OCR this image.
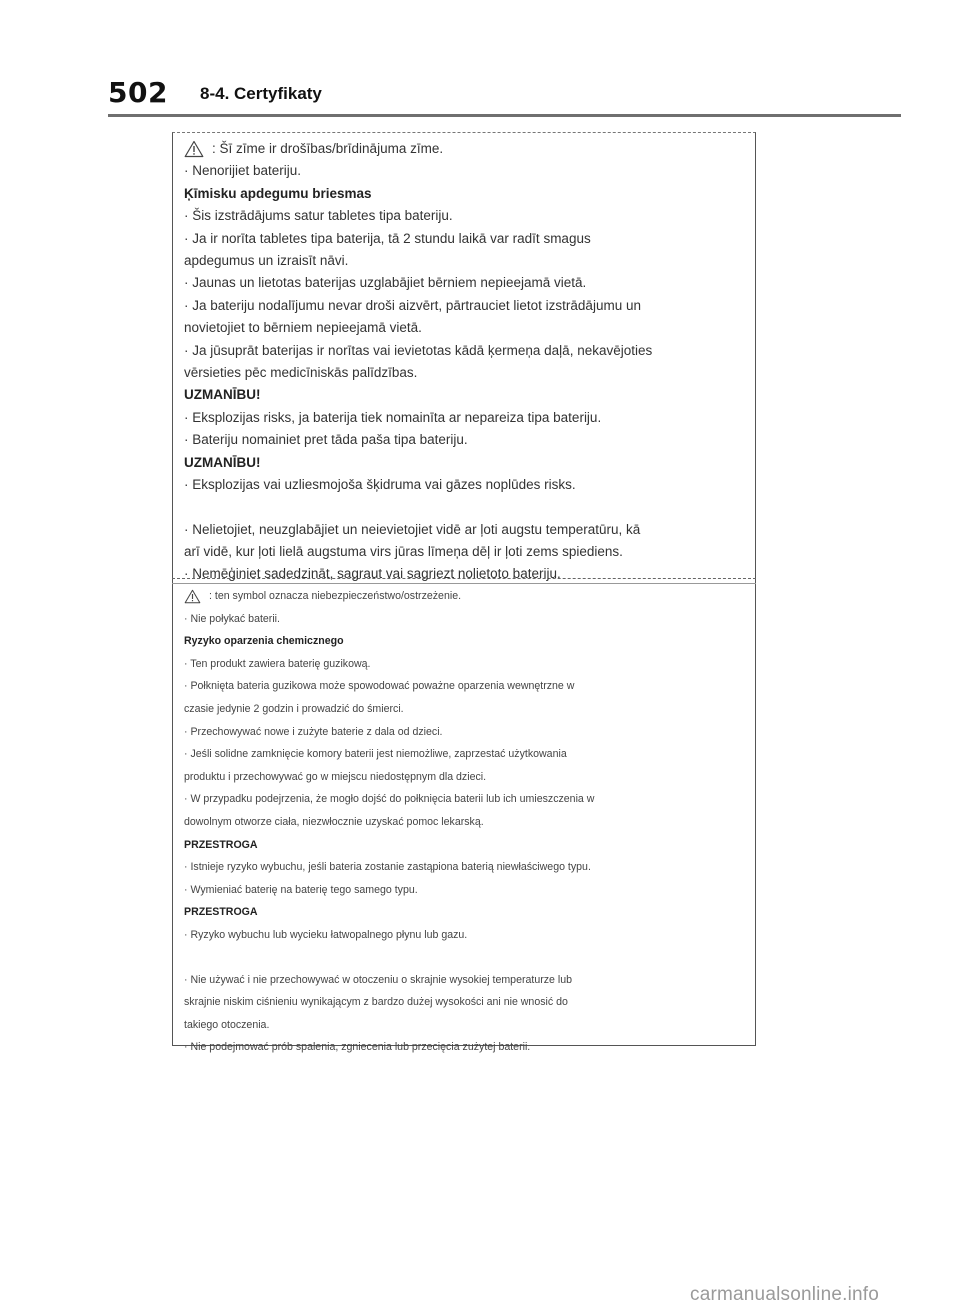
502 8-4. Certyfikaty
: Šī zīme ir drošības/brīdinājuma zīme.
· Nenorijiet bateriju.
Ķīmisku apdegumu briesmas
· Šis izstrādājums satur tabletes tipa bateriju.
· Ja ir norīta tabletes tipa baterija, tā 2 stundu laikā var radīt smagus
apdegumus un izraisīt nāvi.
· Jaunas un lietotas baterijas uzglabājiet bērniem nepieejamā vietā.
· Ja bateriju nodalījumu nevar droši aizvērt, pārtrauciet lietot izstrādājumu un
novietojiet to bērniem nepieejamā vietā.
· Ja jūsuprāt baterijas ir norītas vai ievietotas kādā ķermeņa daļā, nekavējoties
vērsieties pēc medicīniskās palīdzības.
UZMANĪBU!
· Eksplozijas risks, ja baterija tiek nomainīta ar nepareiza tipa bateriju.
· Bateriju nomainiet pret tāda paša tipa bateriju.
UZMANĪBU!
· Eksplozijas vai uzliesmojoša šķidruma vai gāzes noplūdes risks.
· Nelietojiet, neuzglabājiet un neievietojiet vidē ar ļoti augstu temperatūru, kā
arī vidē, kur ļoti lielā augstuma virs jūras līmeņa dēļ ir ļoti zems spiediens.
· Nemēģiniet sadedzināt, sagraut vai sagriezt nolietoto bateriju.
: ten symbol oznacza niebezpieczeństwo/ostrzeżenie.
· Nie połykać baterii.
Ryzyko oparzenia chemicznego
· Ten produkt zawiera baterię guzikową.
· Połknięta bateria guzikowa może spowodować poważne oparzenia wewnętrzne w
czasie jedynie 2 godzin i prowadzić do śmierci.
· Przechowywać nowe i zużyte baterie z dala od dzieci.
· Jeśli solidne zamknięcie komory baterii jest niemożliwe, zaprzestać użytkowania
produktu i przechowywać go w miejscu niedostępnym dla dzieci.
· W przypadku podejrzenia, że mogło dojść do połknięcia baterii lub ich umieszczenia w
dowolnym otworze ciała, niezwłocznie uzyskać pomoc lekarską.
PRZESTROGA
· Istnieje ryzyko wybuchu, jeśli bateria zostanie zastąpiona baterią niewłaściwego typu.
· Wymieniać baterię na baterię tego samego typu.
PRZESTROGA
· Ryzyko wybuchu lub wycieku łatwopalnego płynu lub gazu.
· Nie używać i nie przechowywać w otoczeniu o skrajnie wysokiej temperaturze lub
skrajnie niskim ciśnieniu wynikającym z bardzo dużej wysokości ani nie wnosić do
takiego otoczenia.
· Nie podejmować prób spalenia, zgniecenia lub przecięcia zużytej baterii.
carmanualsonline.info
